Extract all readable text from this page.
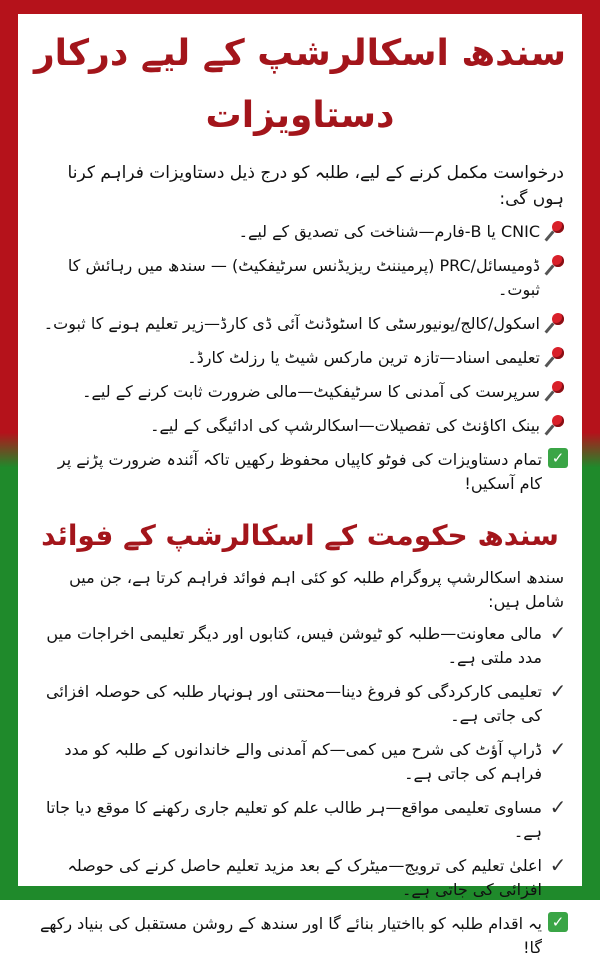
سندھ اسکالرشپ کے لیے درکار
دستاویزات
درخواست مکمل کرنے کے لیے، طلبہ کو درج ذیل دستاویزات فراہم کرنا ہوں گی:
CNIC یا B-فارم—شناخت کی تصدیق کے لیے۔
ڈومیسائل/PRC (پرمیننٹ ریزیڈنس سرٹیفکیٹ) — سندھ میں رہائش کا ثبوت۔
اسکول/کالج/یونیورسٹی کا اسٹوڈنٹ آئی ڈی کارڈ—زیر تعلیم ہونے کا ثبوت۔
تعلیمی اسناد—تازہ ترین مارکس شیٹ یا رزلٹ کارڈ۔
سرپرست کی آمدنی کا سرٹیفکیٹ—مالی ضرورت ثابت کرنے کے لیے۔
بینک اکاؤنٹ کی تفصیلات—اسکالرشپ کی ادائیگی کے لیے۔
✓
تمام دستاویزات کی فوٹو کاپیاں محفوظ رکھیں تاکہ آئندہ ضرورت پڑنے پر کام آسکیں!
سندھ حکومت کے اسکالرشپ کے فوائد
سندھ اسکالرشپ پروگرام طلبہ کو کئی اہم فوائد فراہم کرتا ہے، جن میں شامل ہیں:
✓
مالی معاونت—طلبہ کو ٹیوشن فیس، کتابوں اور دیگر تعلیمی اخراجات میں مدد ملتی ہے۔
✓
تعلیمی کارکردگی کو فروغ دینا—محنتی اور ہونہار طلبہ کی حوصلہ افزائی کی جاتی ہے۔
✓
ڈراپ آؤٹ کی شرح میں کمی—کم آمدنی والے خاندانوں کے طلبہ کو مدد فراہم کی جاتی ہے۔
✓
مساوی تعلیمی مواقع—ہر طالب علم کو تعلیم جاری رکھنے کا موقع دیا جاتا ہے۔
✓
اعلیٰ تعلیم کی ترویج—میٹرک کے بعد مزید تعلیم حاصل کرنے کی حوصلہ افزائی کی جاتی ہے۔
✓
یہ اقدام طلبہ کو بااختیار بنائے گا اور سندھ کے روشن مستقبل کی بنیاد رکھے گا!
